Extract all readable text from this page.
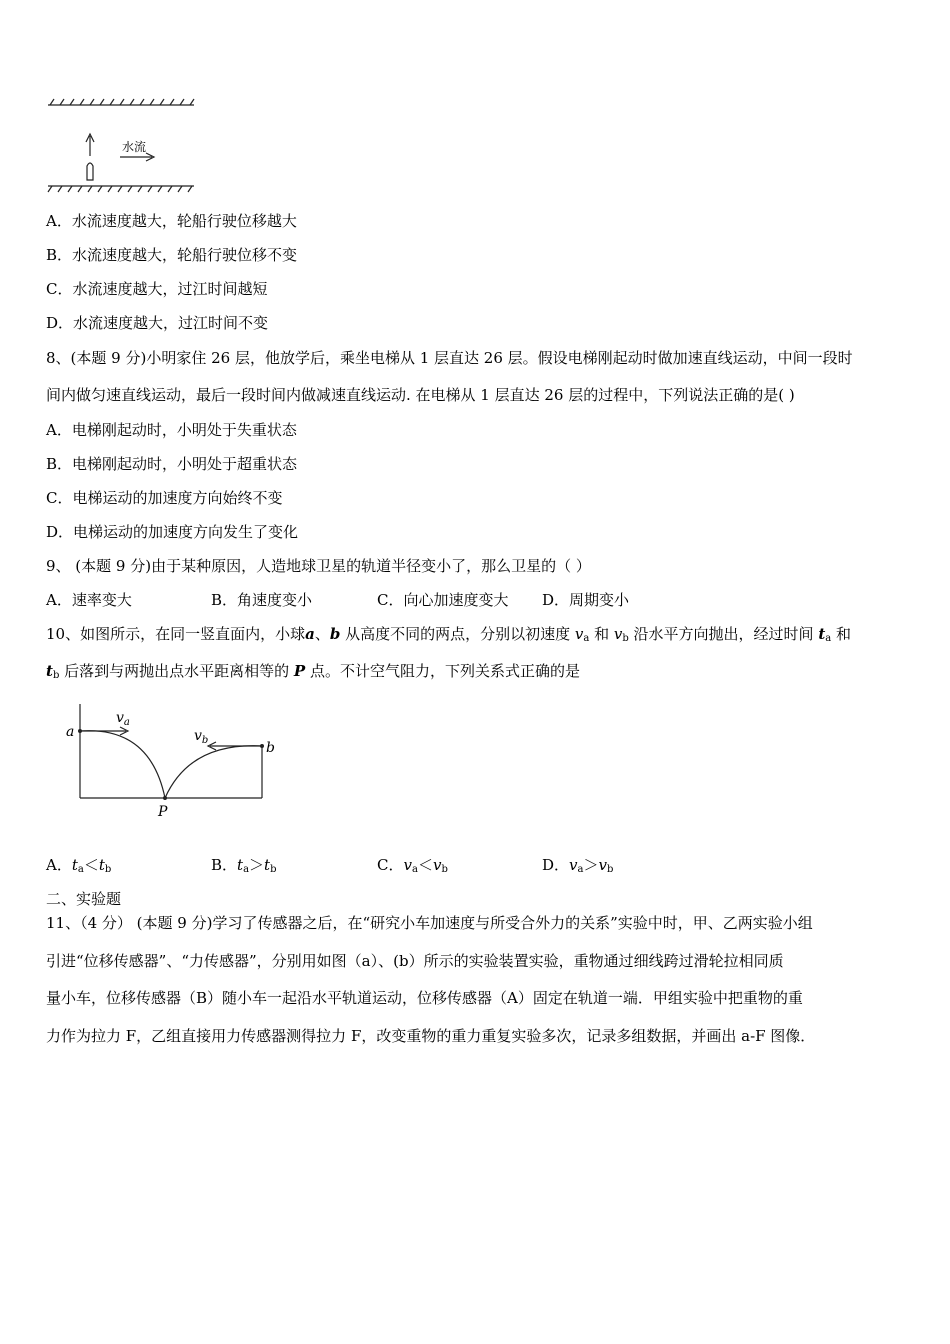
水流
A．水流速度越大，轮船行驶位移越大
B．水流速度越大，轮船行驶位移不变
C．水流速度越大，过江时间越短
D．水流速度越大，过江时间不变
8、(本题 9 分)小明家住 26 层，他放学后，乘坐电梯从 1 层直达 26 层。假设电梯刚起动时做加速直线运动，中间一段时
间内做匀速直线运动，最后一段时间内做减速直线运动. 在电梯从 1 层直达 26 层的过程中，下列说法正确的是( )
A．电梯刚起动时，小明处于失重状态
B．电梯刚起动时，小明处于超重状态
C．电梯运动的加速度方向始终不变
D．电梯运动的加速度方向发生了变化
9、 (本题 9 分)由于某种原因，人造地球卫星的轨道半径变小了，那么卫星的（ ）
A．速率变大	B．角速度变小	C．向心加速度变大 D．周期变小
10、如图所示，在同一竖直面内，小球a、b 从高度不同的两点，分别以初速度 $v_a$ 和 $v_b$ 沿水平方向抛出，经过时间 $t_a$ 和
$t_b$ 后落到与两抛出点水平距离相等的 P 点。不计空气阻力，下列关系式正确的是
a
b
$v_a$
$v_b$
P
A．$t_a<t_b$	B．$t_a>t_b$	C．$v_a<v_b$	D．$v_a>v_b$
二、实验题
11、（4 分） (本题 9 分)学习了传感器之后，在“研究小车加速度与所受合外力的关系”实验中时，甲、乙两实验小组
引进“位移传感器”、“力传感器”，分别用如图（a）、(b）所示的实验装置实验，重物通过细线跨过滑轮拉相同质
量小车，位移传感器（B）随小车一起沿水平轨道运动，位移传感器（A）固定在轨道一端．甲组实验中把重物的重
力作为拉力 F，乙组直接用力传感器测得拉力 F，改变重物的重力重复实验多次，记录多组数据，并画出 a-F 图像．
